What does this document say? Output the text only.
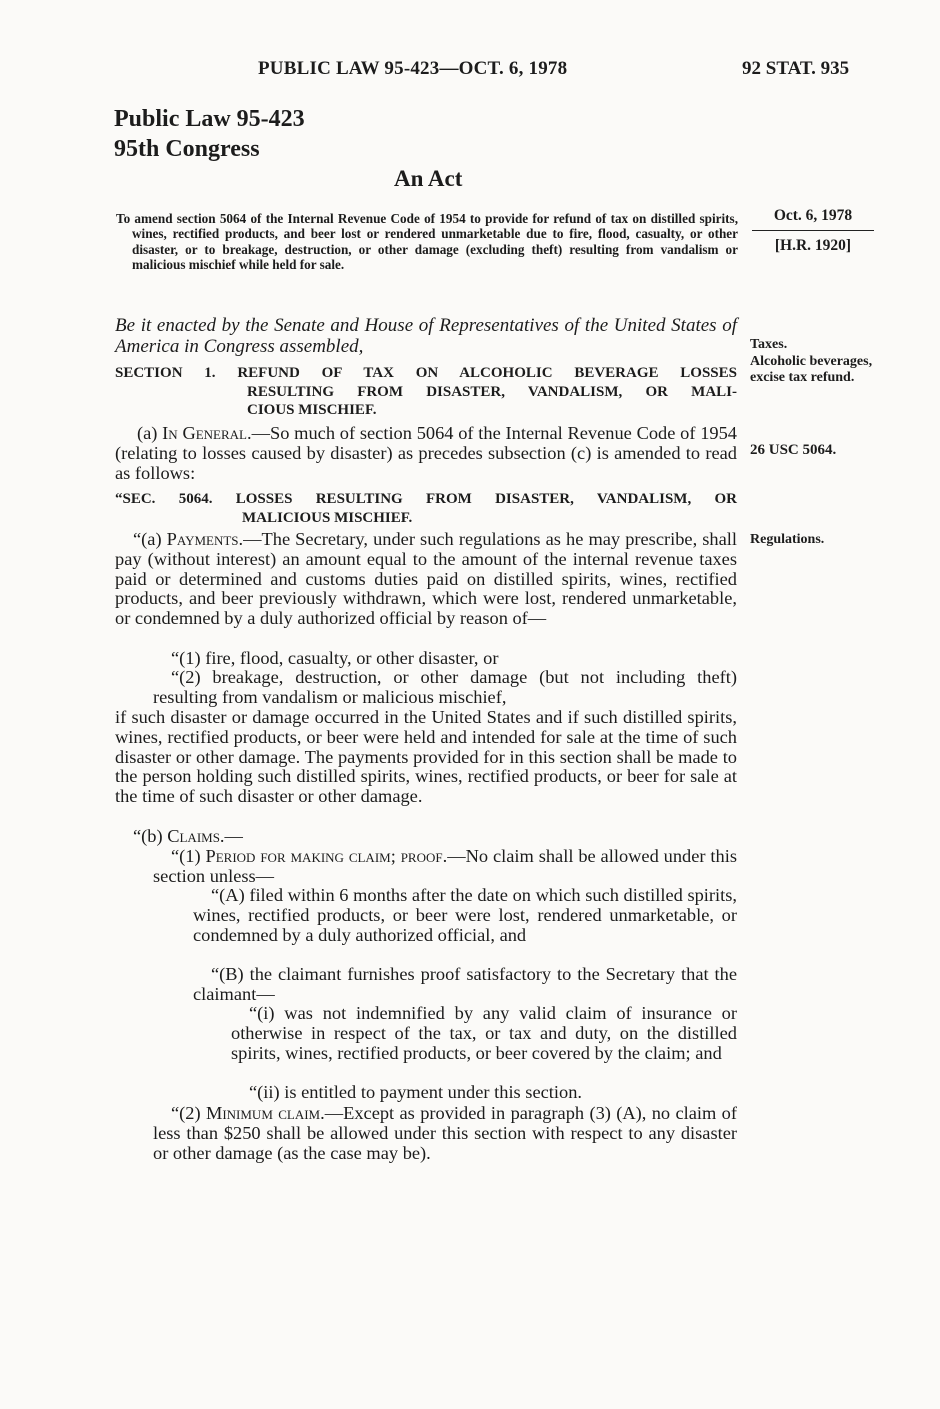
PUBLIC LAW 95-423—OCT. 6, 1978	92 STAT. 935

Public Law 95-423
95th Congress

An Act

To amend section 5064 of the Internal Revenue Code of 1954 to provide for refund of tax on distilled spirits, wines, rectified products, and beer lost or rendered unmarketable due to fire, flood, casualty, or other disaster, or to breakage, destruction, or other damage (excluding theft) resulting from vandalism or malicious mischief while held for sale.

Oct. 6, 1978
[H.R. 1920]

Be it enacted by the Senate and House of Representatives of the United States of America in Congress assembled,

SECTION 1. REFUND OF TAX ON ALCOHOLIC BEVERAGE LOSSES
RESULTING FROM DISASTER, VANDALISM, OR MALI-
CIOUS MISCHIEF.
Taxes.
Alcoholic beverages, excise tax refund.
26 USC 5064.
Regulations.
(a) In General.—So much of section 5064 of the Internal Revenue Code of 1954 (relating to losses caused by disaster) as precedes subsection (c) is amended to read as follows:
“SEC. 5064. LOSSES RESULTING FROM DISASTER, VANDALISM, OR
MALICIOUS MISCHIEF.
“(a) Payments.—The Secretary, under such regulations as he may prescribe, shall pay (without interest) an amount equal to the amount of the internal revenue taxes paid or determined and customs duties paid on distilled spirits, wines, rectified products, and beer previously withdrawn, which were lost, rendered unmarketable, or condemned by a duly authorized official by reason of—
“(1) fire, flood, casualty, or other disaster, or
“(2) breakage, destruction, or other damage (but not including theft) resulting from vandalism or malicious mischief,
if such disaster or damage occurred in the United States and if such distilled spirits, wines, rectified products, or beer were held and intended for sale at the time of such disaster or other damage. The payments provided for in this section shall be made to the person holding such distilled spirits, wines, rectified products, or beer for sale at the time of such disaster or other damage.
“(b) Claims.—
“(1) Period for making claim; proof.—No claim shall be allowed under this section unless—
“(A) filed within 6 months after the date on which such distilled spirits, wines, rectified products, or beer were lost, rendered unmarketable, or condemned by a duly authorized official, and
“(B) the claimant furnishes proof satisfactory to the Secretary that the claimant—
“(i) was not indemnified by any valid claim of insurance or otherwise in respect of the tax, or tax and duty, on the distilled spirits, wines, rectified products, or beer covered by the claim; and
“(ii) is entitled to payment under this section.
“(2) Minimum claim.—Except as provided in paragraph (3) (A), no claim of less than $250 shall be allowed under this section with respect to any disaster or other damage (as the case may be).
